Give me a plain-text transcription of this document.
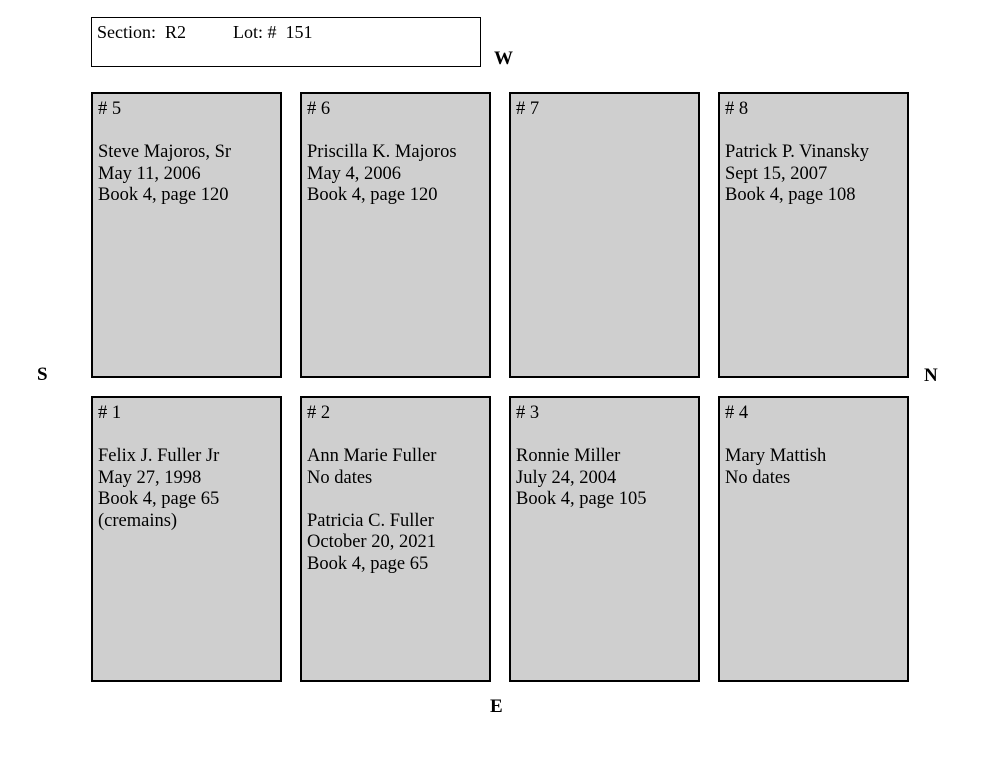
Section: R2	Lot: # 151
W
S	N
E
# 5
Steve Majoros, Sr
May 11, 2006
Book 4, page 120
# 6
Priscilla K. Majoros
May 4, 2006
Book 4, page 120
# 7	# 8
Patrick P. Vinansky
Sept 15, 2007
Book 4, page 108
# 1
Felix J. Fuller Jr
May 27, 1998
Book 4, page 65
(cremains)
# 2
Ann Marie Fuller
No dates
Patricia C. Fuller
October 20, 2021
Book 4, page 65
# 3
Ronnie Miller
July 24, 2004
Book 4, page 105
# 4
Mary Mattish
No dates
